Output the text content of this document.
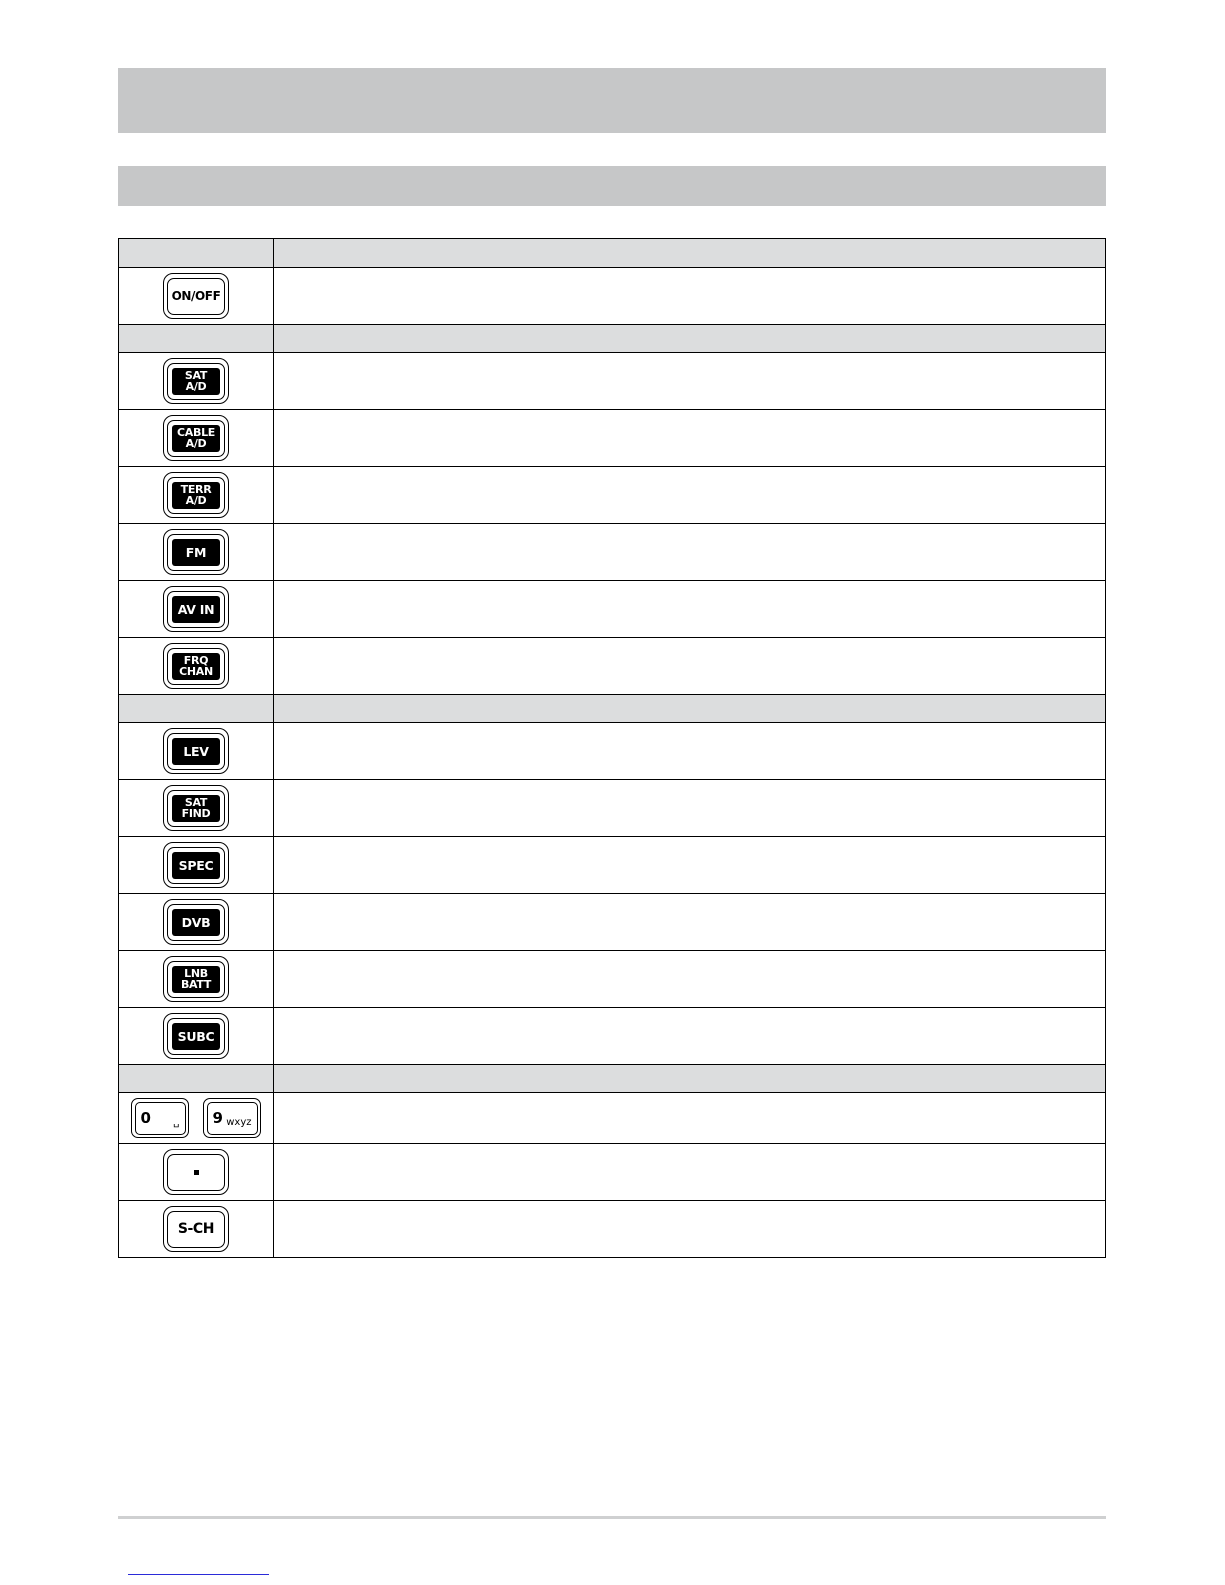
ON/OFF	

SAT
A/D	

CABLE
A/D	

TERR
A/D	

FM	

AV IN	

FRQ
CHAN	

LEV	

SAT
FIND	

SPEC	

DVB	

LNB
BATT	

SUBC	

0 ␣ 9 wxyz	

S-CH	
